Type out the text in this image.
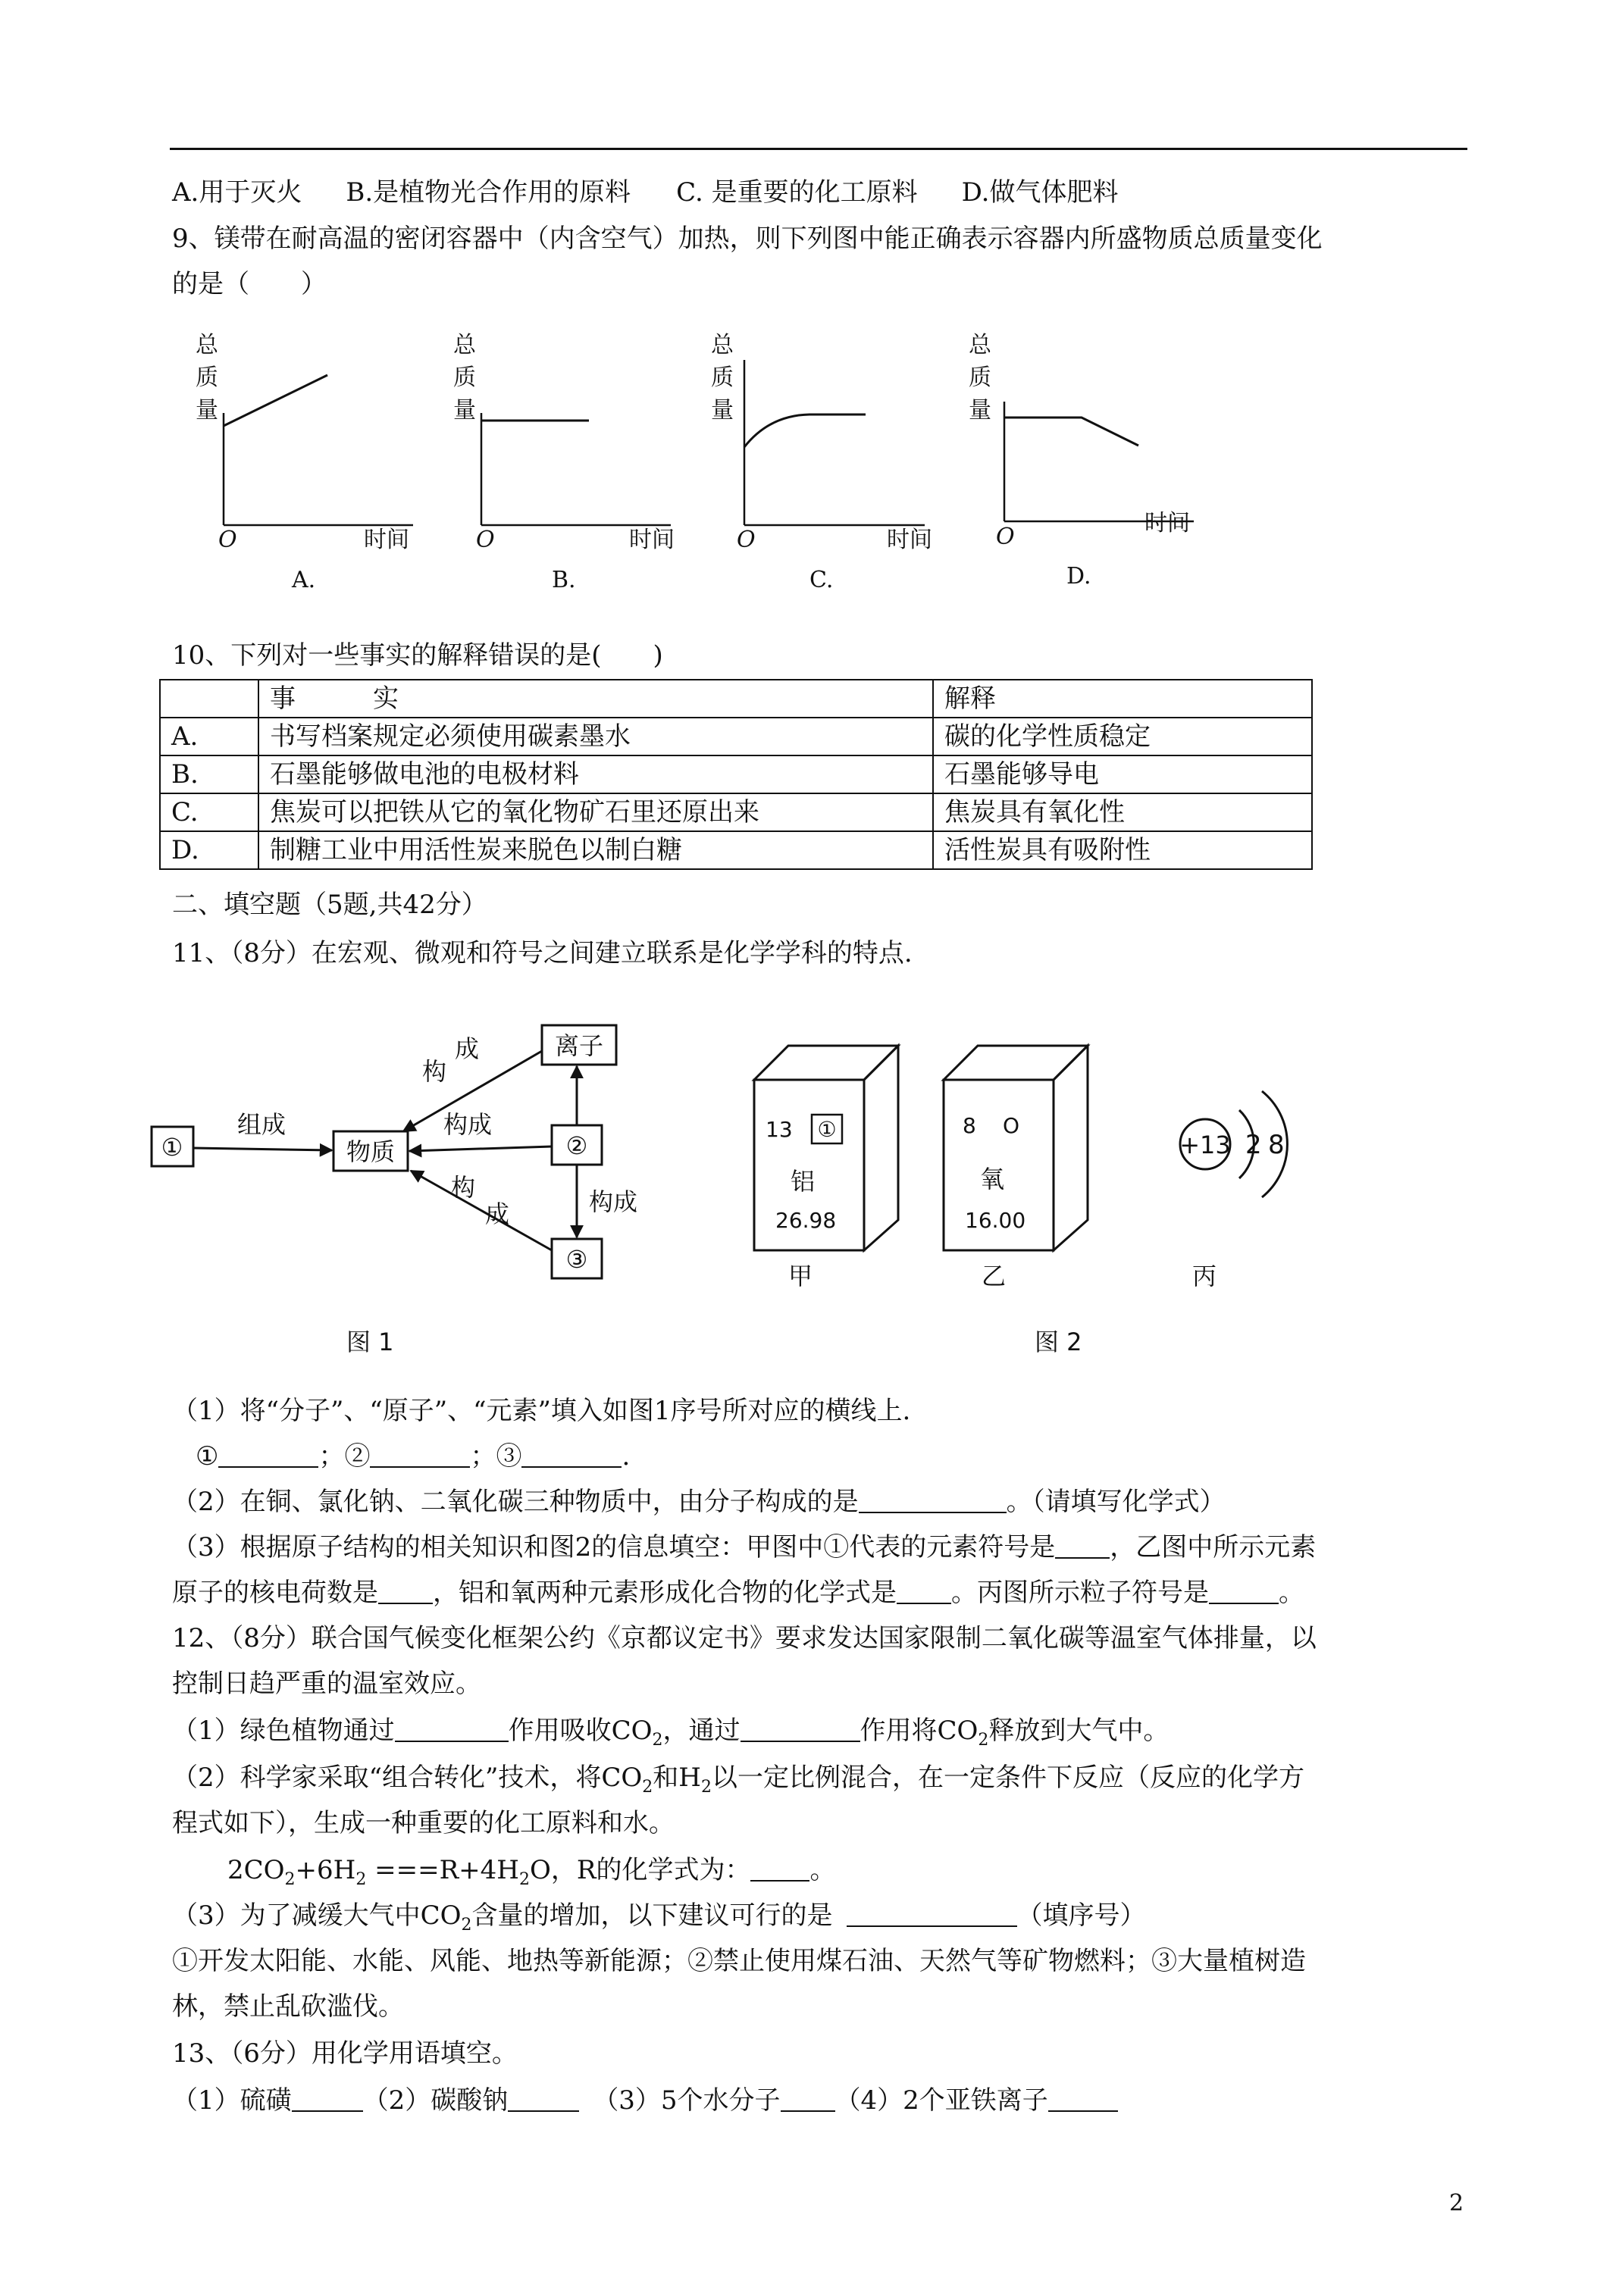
A.用于灭火 B.是植物光合作用的原料 C. 是重要的化工原料 D.做气体肥料
9、镁带在耐高温的密闭容器中（内含空气）加热，则下列图中能正确表示容器内所盛物质总质量变化
的是（　　）
总
质
量
O	时间
A.
总
质
量
O	时间
B.
总
质
量
O	时间
C.
总
质
量
O
时间
D.
10、下列对一些事实的解释错误的是(　　)
	事　　　实	解释
A.	书写档案规定必须使用碳素墨水	碳的化学性质稳定
B.	石墨能够做电池的电极材料	石墨能够导电
C.	焦炭可以把铁从它的氧化物矿石里还原出来	焦炭具有氧化性
D.	制糖工业中用活性炭来脱色以制白糖	活性炭具有吸附性
二、填空题（5题,共42分）
11、（8分）在宏观、微观和符号之间建立联系是化学学科的特点.
①	物质
离子
②
③
组成
构
成
构成
构成
构
成
图 1
13 ①
铝
26.98
甲
8 O
氧
16.00
乙
+13 2 8
丙
图 2
（1）将“分子”、“原子”、“元素”填入如图1序号所对应的横线上.
①	；②	；③	.
（2）在铜、氯化钠、二氧化碳三种物质中，由分子构成的是	。（请填写化学式）
（3）根据原子结构的相关知识和图2的信息填空：甲图中①代表的元素符号是 ，乙图中所示元素
原子的核电荷数是 ，铝和氧两种元素形成化合物的化学式是 。丙图所示粒子符号是	。
12、（8分）联合国气候变化框架公约《京都议定书》要求发达国家限制二氧化碳等温室气体排量，以
控制日趋严重的温室效应。
（1）绿色植物通过	作用吸收$CO_2$，通过	作用将$CO_2$释放到大气中。
（2）科学家采取“组合转化”技术，将$CO_2$和$H_2$以一定比例混合，在一定条件下反应（反应的化学方
程式如下），生成一种重要的化工原料和水。
$2CO_2+6H_2 ===R+4H_2O$，R的化学式为： 。
（3）为了减缓大气中$CO_2$含量的增加，以下建议可行的是	（填序号）
①开发太阳能、水能、风能、地热等新能源；②禁止使用煤石油、天然气等矿物燃料；③大量植树造
林，禁止乱砍滥伐。
13、（6分）用化学用语填空。
（1）硫磺	（2）碳酸钠	（3）5个水分子 （4）2个亚铁离子
2
